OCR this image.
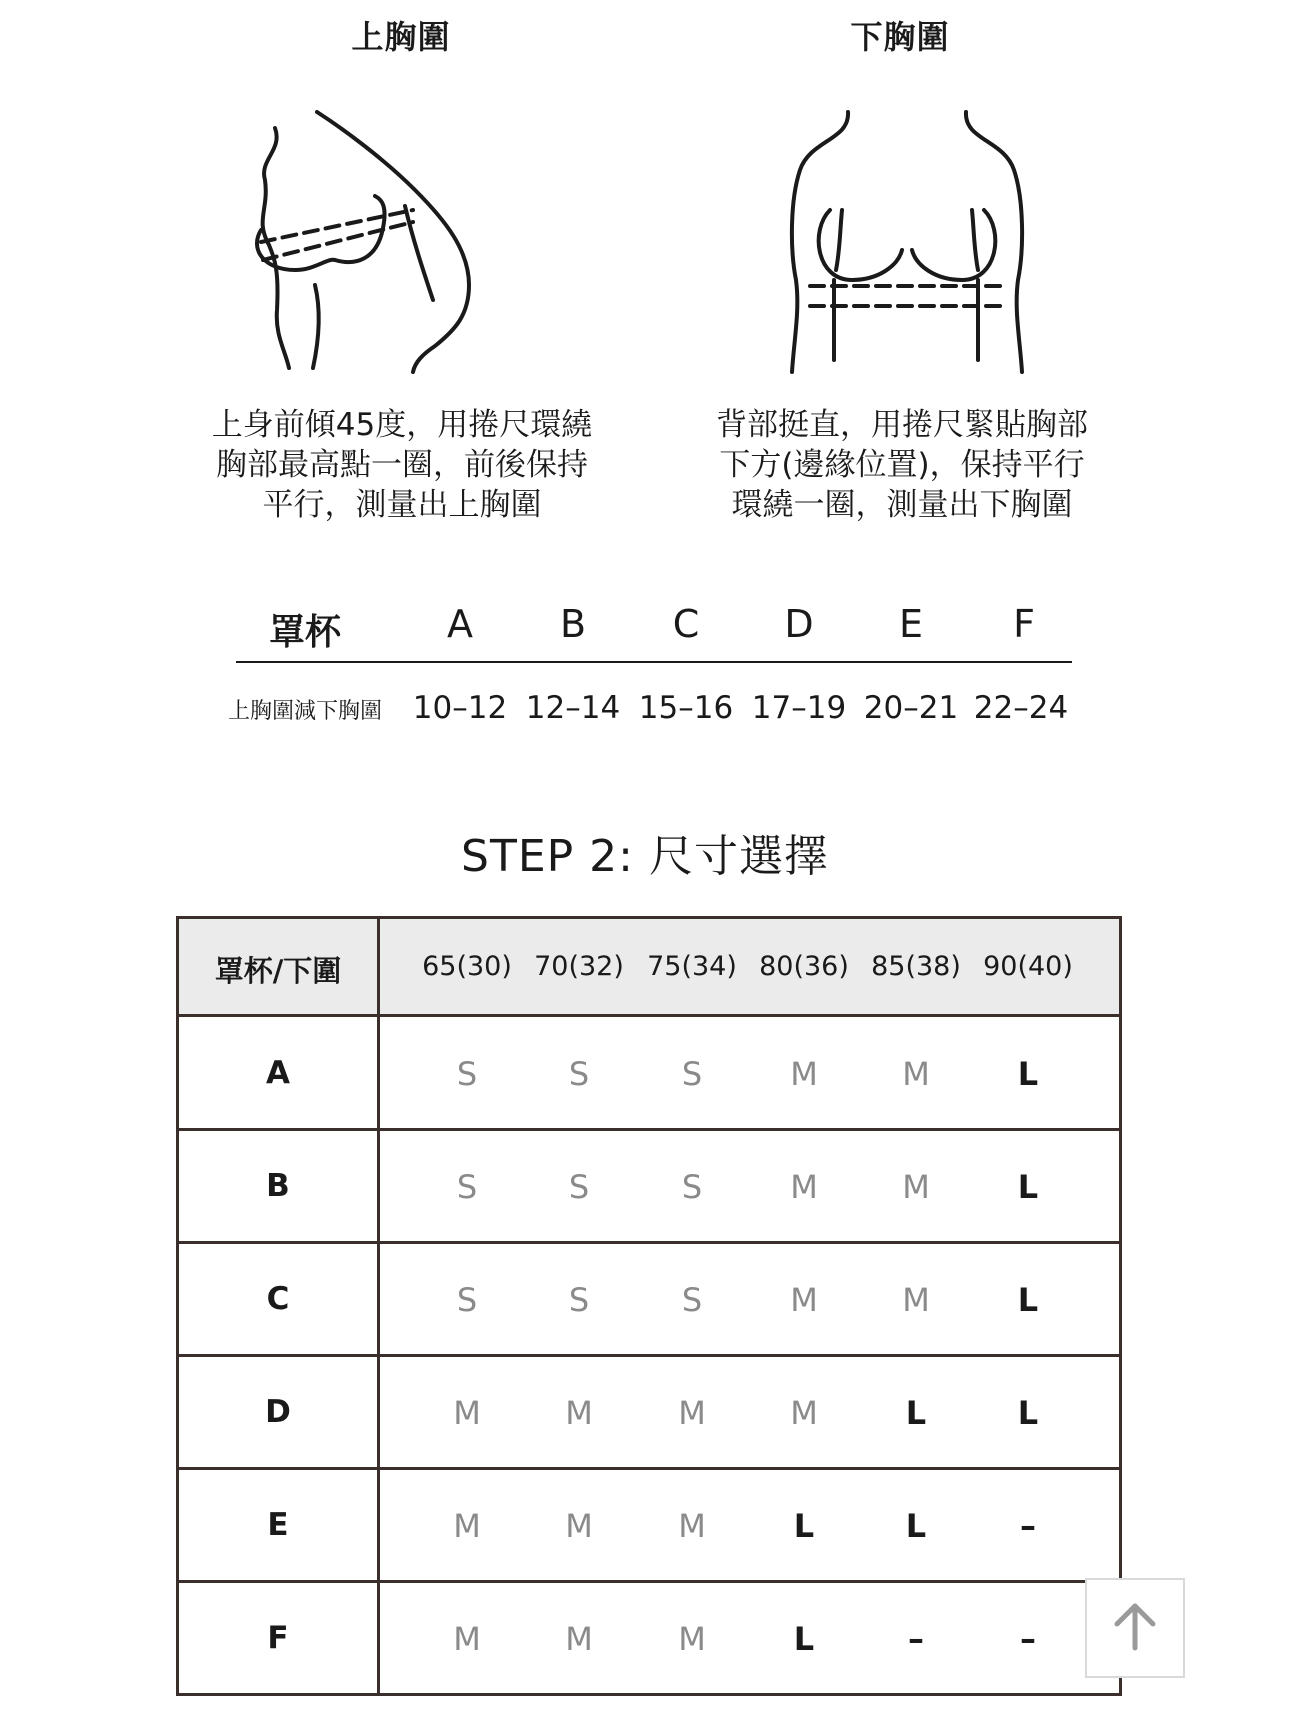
上胸圍	下胸圍
上身前傾45度，用捲尺環繞
胸部最高點一圈，前後保持
平行，測量出上胸圍
背部挺直，用捲尺緊貼胸部
下方(邊緣位置)，保持平行
環繞一圈，測量出下胸圍
罩杯	A	B	C	D	E	F
上胸圍減下胸圍 10–12 12–14 15–16 17–19 20–21 22–24
STEP 2: 尺寸選擇
罩杯/下圍	65(30) 70(32) 75(34) 80(36) 85(38) 90(40)
A	S	S	S	M	M	L
B	S	S	S	M	M	L
C	S	S	S	M	M	L
D	M	M	M	M	L	L
E	M	M	M	L	L	–
F	M	M	M	L	–	–
